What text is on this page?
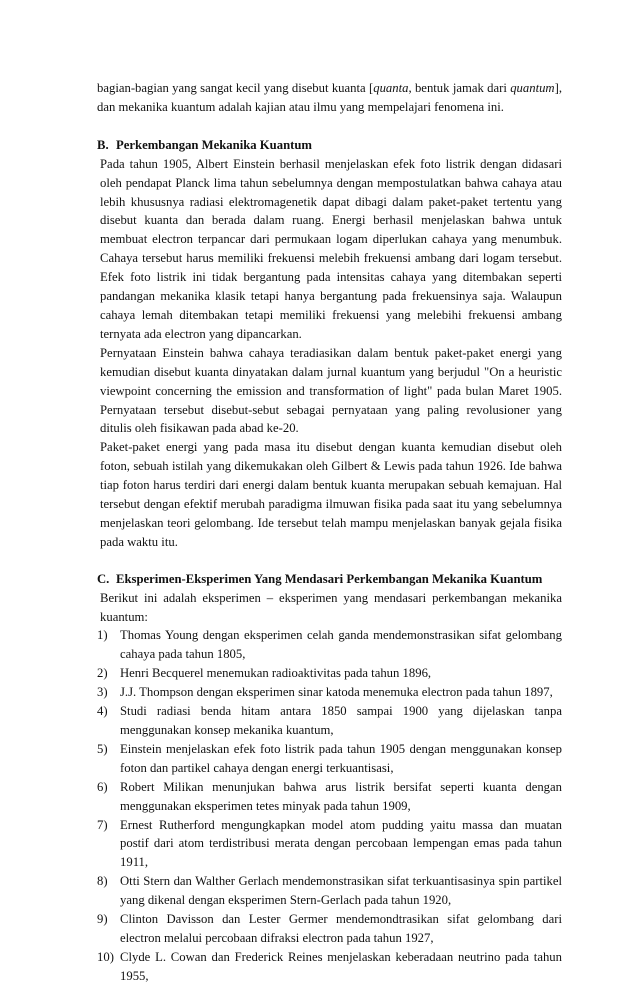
bagian-bagian yang sangat kecil yang disebut kuanta [quanta, bentuk jamak dari quantum], dan mekanika kuantum adalah kajian atau ilmu yang mempelajari fenomena ini.

B. Perkembangan Mekanika Kuantum

Pada tahun 1905, Albert Einstein berhasil menjelaskan efek foto listrik dengan didasari oleh pendapat Planck lima tahun sebelumnya dengan mempostulatkan bahwa cahaya atau lebih khususnya radiasi elektromagenetik dapat dibagi dalam paket-paket tertentu yang disebut kuanta dan berada dalam ruang. Energi berhasil menjelaskan bahwa untuk membuat electron terpancar dari permukaan logam diperlukan cahaya yang menumbuk. Cahaya tersebut harus memiliki frekuensi melebih frekuensi ambang dari logam tersebut. Efek foto listrik ini tidak bergantung pada intensitas cahaya yang ditembakan seperti pandangan mekanika klasik tetapi hanya bergantung pada frekuensinya saja. Walaupun cahaya lemah ditembakan tetapi memiliki frekuensi yang melebihi frekuensi ambang ternyata ada electron yang dipancarkan.

Pernyataan Einstein bahwa cahaya teradiasikan dalam bentuk paket-paket energi yang kemudian disebut kuanta dinyatakan dalam jurnal kuantum yang berjudul "On a heuristic viewpoint concerning the emission and transformation of light" pada bulan Maret 1905. Pernyataan tersebut disebut-sebut sebagai pernyataan yang paling revolusioner yang ditulis oleh fisikawan pada abad ke-20.

Paket-paket energi yang pada masa itu disebut dengan kuanta kemudian disebut oleh foton, sebuah istilah yang dikemukakan oleh Gilbert & Lewis pada tahun 1926. Ide bahwa tiap foton harus terdiri dari energi dalam bentuk kuanta merupakan sebuah kemajuan. Hal tersebut dengan efektif merubah paradigma ilmuwan fisika pada saat itu yang sebelumnya menjelaskan teori gelombang. Ide tersebut telah mampu menjelaskan banyak gejala fisika pada waktu itu.

C. Eksperimen-Eksperimen Yang Mendasari Perkembangan Mekanika Kuantum

Berikut ini adalah eksperimen – eksperimen yang mendasari perkembangan mekanika kuantum:

1) Thomas Young dengan eksperimen celah ganda mendemonstrasikan sifat gelombang cahaya pada tahun 1805,
2) Henri Becquerel menemukan radioaktivitas pada tahun 1896,
3) J.J. Thompson dengan eksperimen sinar katoda menemuka electron pada tahun 1897,
4) Studi radiasi benda hitam antara 1850 sampai 1900 yang dijelaskan tanpa menggunakan konsep mekanika kuantum,
5) Einstein menjelaskan efek foto listrik pada tahun 1905 dengan menggunakan konsep foton dan partikel cahaya dengan energi terkuantisasi,
6) Robert Milikan menunjukan bahwa arus listrik bersifat seperti kuanta dengan menggunakan eksperimen tetes minyak pada tahun 1909,
7) Ernest Rutherford mengungkapkan model atom pudding yaitu massa dan muatan postif dari atom terdistribusi merata dengan percobaan lempengan emas pada tahun 1911,
8) Otti Stern dan Walther Gerlach mendemonstrasikan sifat terkuantisasinya spin partikel yang dikenal dengan eksperimen Stern-Gerlach pada tahun 1920,
9) Clinton Davisson dan Lester Germer mendemondtrasikan sifat gelombang dari electron melalui percobaan difraksi electron pada tahun 1927,
10) Clyde L. Cowan dan Frederick Reines menjelaskan keberadaan neutrino pada tahun 1955,
